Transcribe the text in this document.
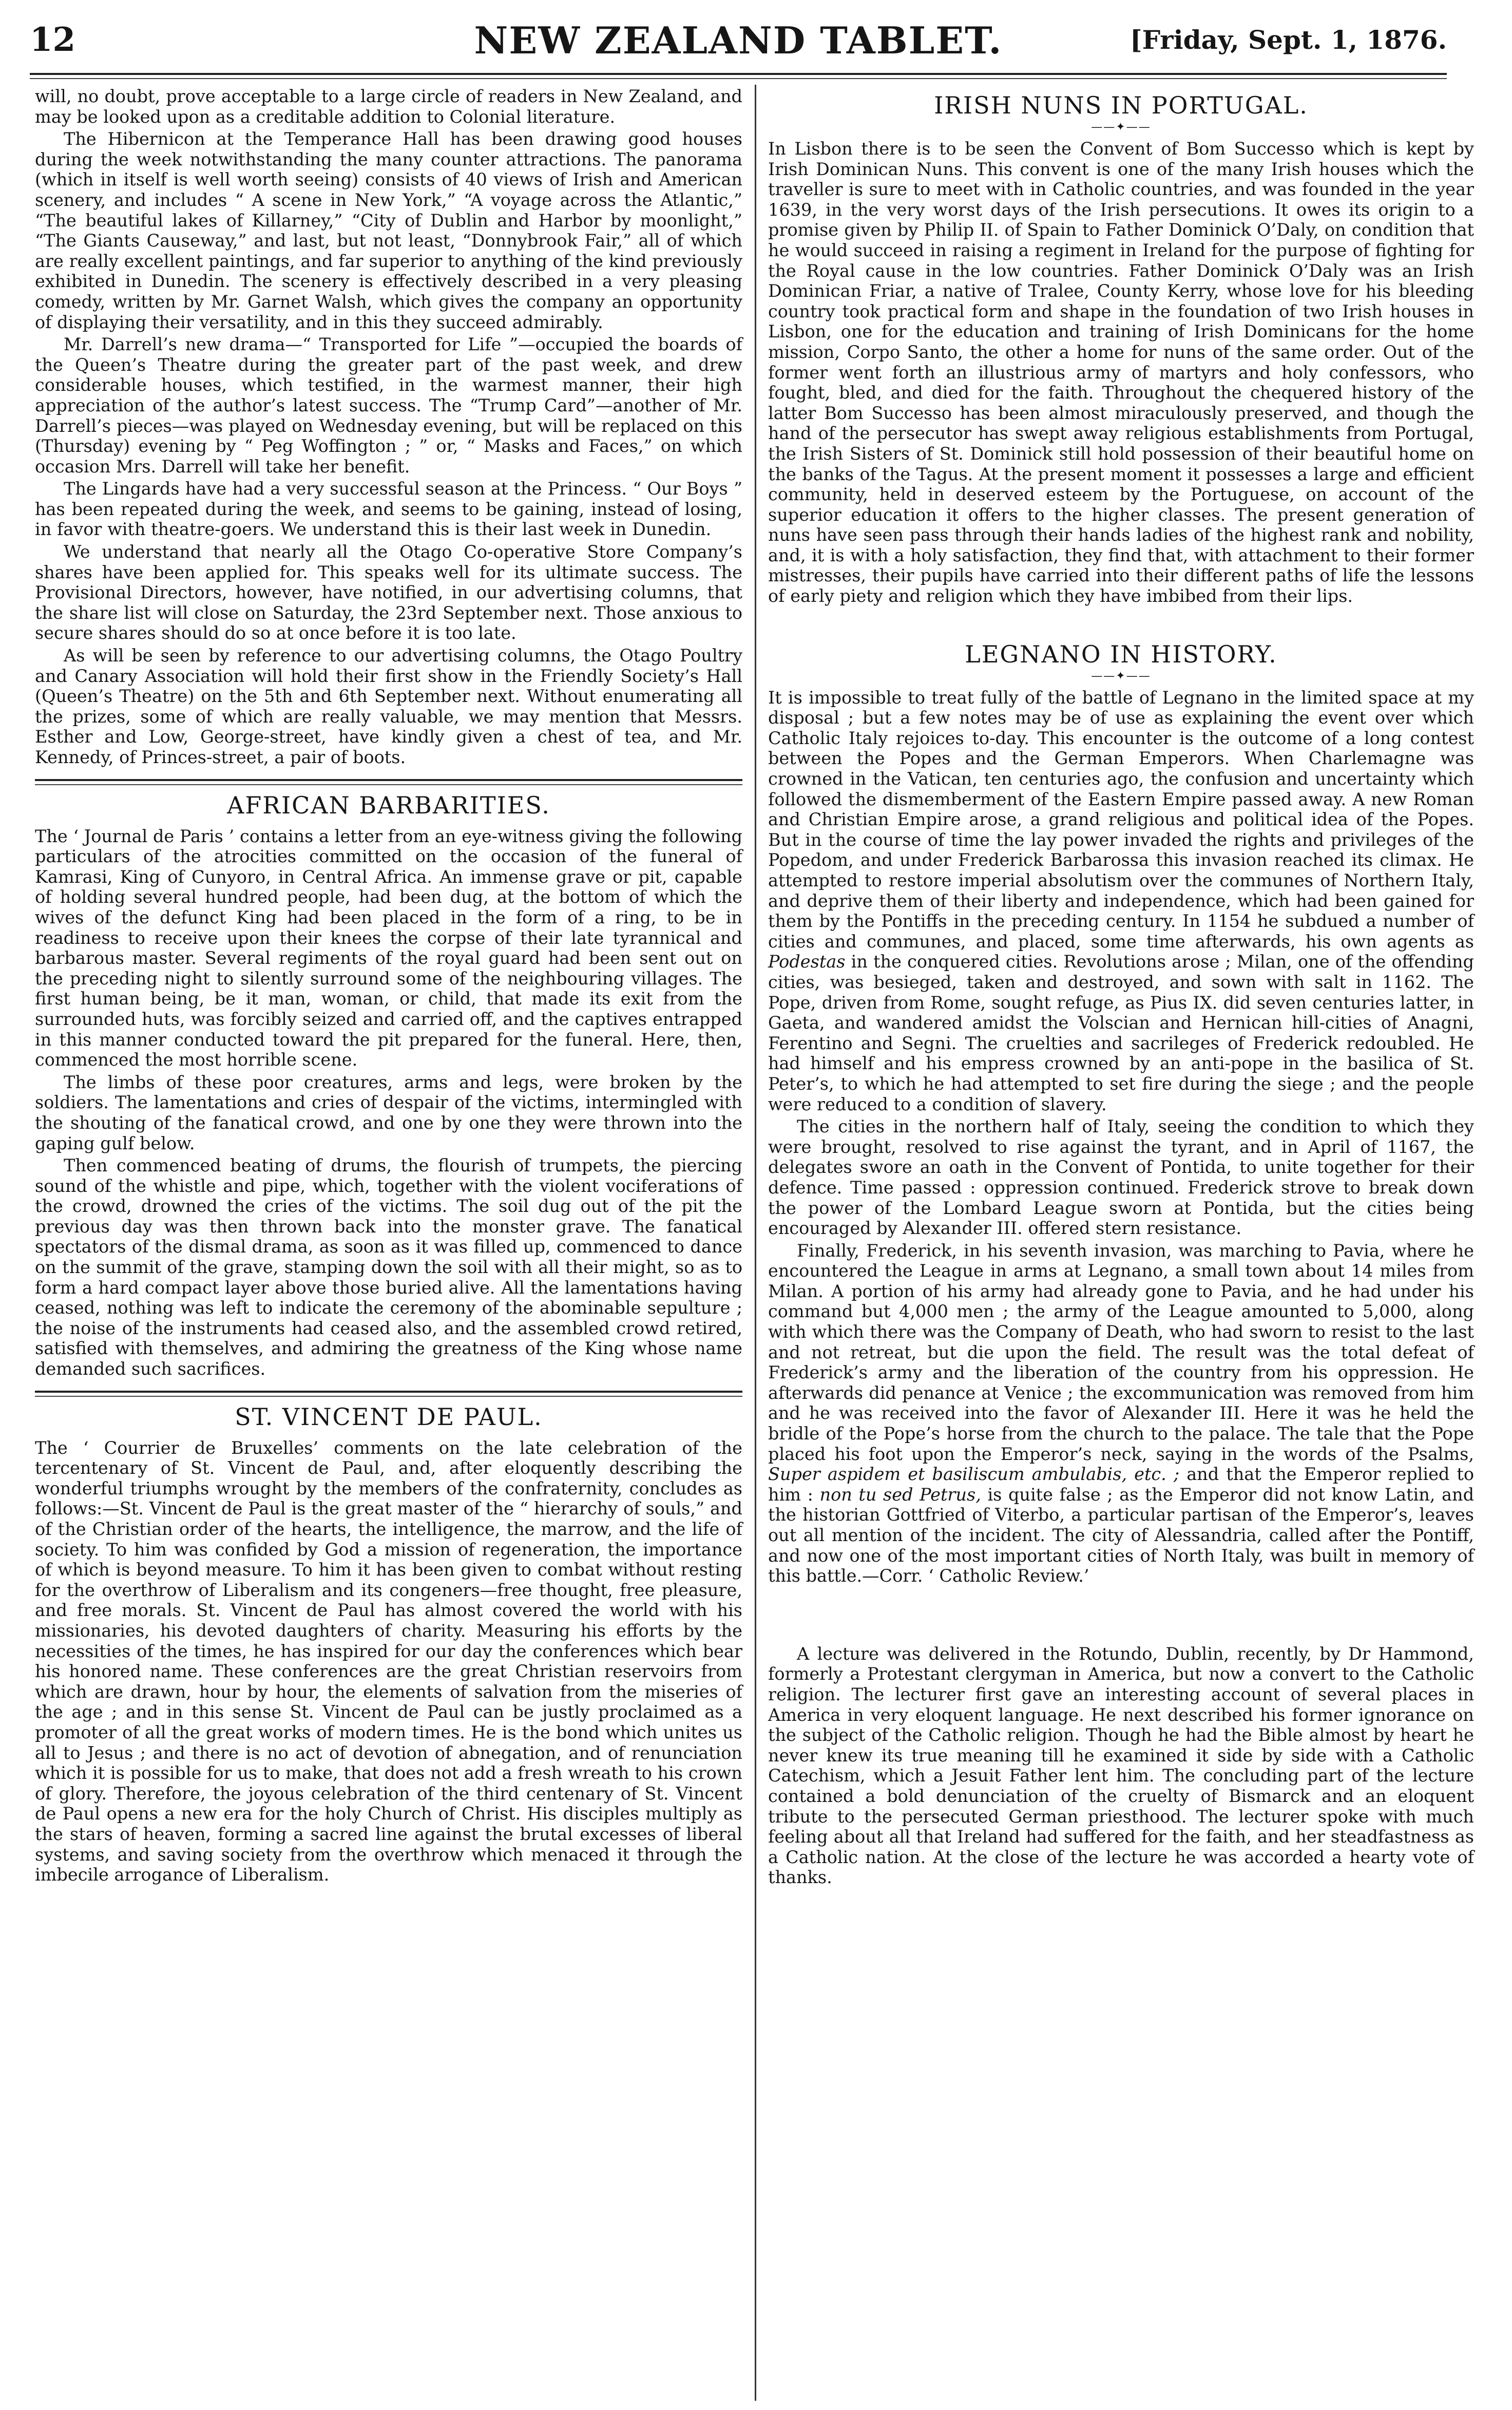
12	NEW ZEALAND TABLET.	[Friday, Sept. 1, 1876.

will, no doubt, prove acceptable to a large circle of readers in New Zealand, and may be looked upon as a creditable addition to Colonial literature.

The Hibernicon at the Temperance Hall has been drawing good houses during the week notwithstanding the many counter attractions. The panorama (which in itself is well worth seeing) consists of 40 views of Irish and American scenery, and includes “ A scene in New York,” “A voyage across the Atlantic,” “The beautiful lakes of Killarney,” “City of Dublin and Harbor by moonlight,” “The Giants Causeway,” and last, but not least, “Donnybrook Fair,” all of which are really excellent paintings, and far superior to anything of the kind previously exhibited in Dunedin. The scenery is effectively described in a very pleasing comedy, written by Mr. Garnet Walsh, which gives the company an opportunity of displaying their versatility, and in this they succeed admirably.

Mr. Darrell’s new drama—“ Transported for Life ”—occupied the boards of the Queen’s Theatre during the greater part of the past week, and drew considerable houses, which testified, in the warmest manner, their high appreciation of the author’s latest success. The “Trump Card”—another of Mr. Darrell’s pieces—was played on Wednesday evening, but will be replaced on this (Thursday) evening by “ Peg Woffington ; ” or, “ Masks and Faces,” on which occasion Mrs. Darrell will take her benefit.

The Lingards have had a very successful season at the Princess. “ Our Boys ” has been repeated during the week, and seems to be gaining, instead of losing, in favor with theatre-goers. We understand this is their last week in Dunedin.

We understand that nearly all the Otago Co-operative Store Company’s shares have been applied for. This speaks well for its ultimate success. The Provisional Directors, however, have notified, in our advertising columns, that the share list will close on Saturday, the 23rd September next. Those anxious to secure shares should do so at once before it is too late.

As will be seen by reference to our advertising columns, the Otago Poultry and Canary Association will hold their first show in the Friendly Society’s Hall (Queen’s Theatre) on the 5th and 6th September next. Without enumerating all the prizes, some of which are really valuable, we may mention that Messrs. Esther and Low, George-street, have kindly given a chest of tea, and Mr. Kennedy, of Princes-street, a pair of boots.

AFRICAN BARBARITIES.

The ‘ Journal de Paris ’ contains a letter from an eye-witness giving the following particulars of the atrocities committed on the occasion of the funeral of Kamrasi, King of Cunyoro, in Central Africa. An immense grave or pit, capable of holding several hundred people, had been dug, at the bottom of which the wives of the defunct King had been placed in the form of a ring, to be in readiness to receive upon their knees the corpse of their late tyrannical and barbarous master. Several regiments of the royal guard had been sent out on the preceding night to silently surround some of the neighbouring villages. The first human being, be it man, woman, or child, that made its exit from the surrounded huts, was forcibly seized and carried off, and the captives entrapped in this manner conducted toward the pit prepared for the funeral. Here, then, commenced the most horrible scene.

The limbs of these poor creatures, arms and legs, were broken by the soldiers. The lamentations and cries of despair of the victims, intermingled with the shouting of the fanatical crowd, and one by one they were thrown into the gaping gulf below.

Then commenced beating of drums, the flourish of trumpets, the piercing sound of the whistle and pipe, which, together with the violent vociferations of the crowd, drowned the cries of the victims. The soil dug out of the pit the previous day was then thrown back into the monster grave. The fanatical spectators of the dismal drama, as soon as it was filled up, commenced to dance on the summit of the grave, stamping down the soil with all their might, so as to form a hard compact layer above those buried alive. All the lamentations having ceased, nothing was left to indicate the ceremony of the abominable sepulture ; the noise of the instruments had ceased also, and the assembled crowd retired, satisfied with themselves, and admiring the greatness of the King whose name demanded such sacrifices.

ST. VINCENT DE PAUL.

The ‘ Courrier de Bruxelles’ comments on the late celebration of the tercentenary of St. Vincent de Paul, and, after eloquently describing the wonderful triumphs wrought by the members of the confraternity, concludes as follows:—St. Vincent de Paul is the great master of the “ hierarchy of souls,” and of the Christian order of the hearts, the intelligence, the marrow, and the life of society. To him was confided by God a mission of regeneration, the importance of which is beyond measure. To him it has been given to combat without resting for the overthrow of Liberalism and its congeners—free thought, free pleasure, and free morals. St. Vincent de Paul has almost covered the world with his missionaries, his devoted daughters of charity. Measuring his efforts by the necessities of the times, he has inspired for our day the conferences which bear his honored name. These conferences are the great Christian reservoirs from which are drawn, hour by hour, the elements of salvation from the miseries of the age ; and in this sense St. Vincent de Paul can be justly proclaimed as a promoter of all the great works of modern times. He is the bond which unites us all to Jesus ; and there is no act of devotion of abnegation, and of renunciation which it is possible for us to make, that does not add a fresh wreath to his crown of glory. Therefore, the joyous celebration of the third centenary of St. Vincent de Paul opens a new era for the holy Church of Christ. His disciples multiply as the stars of heaven, forming a sacred line against the brutal excesses of liberal systems, and saving society from the overthrow which menaced it through the imbecile arrogance of Liberalism.

IRISH NUNS IN PORTUGAL.
——✦——

In Lisbon there is to be seen the Convent of Bom Successo which is kept by Irish Dominican Nuns. This convent is one of the many Irish houses which the traveller is sure to meet with in Catholic countries, and was founded in the year 1639, in the very worst days of the Irish persecutions. It owes its origin to a promise given by Philip II. of Spain to Father Dominick O’Daly, on condition that he would succeed in raising a regiment in Ireland for the purpose of fighting for the Royal cause in the low countries. Father Dominick O’Daly was an Irish Dominican Friar, a native of Tralee, County Kerry, whose love for his bleeding country took practical form and shape in the foundation of two Irish houses in Lisbon, one for the education and training of Irish Dominicans for the home mission, Corpo Santo, the other a home for nuns of the same order. Out of the former went forth an illustrious army of martyrs and holy confessors, who fought, bled, and died for the faith. Throughout the chequered history of the latter Bom Successo has been almost miraculously preserved, and though the hand of the persecutor has swept away religious establishments from Portugal, the Irish Sisters of St. Dominick still hold possession of their beautiful home on the banks of the Tagus. At the present moment it possesses a large and efficient community, held in deserved esteem by the Portuguese, on account of the superior education it offers to the higher classes. The present generation of nuns have seen pass through their hands ladies of the highest rank and nobility, and, it is with a holy satisfaction, they find that, with attachment to their former mistresses, their pupils have carried into their different paths of life the lessons of early piety and religion which they have imbibed from their lips.

LEGNANO IN HISTORY.
——✦——

It is impossible to treat fully of the battle of Legnano in the limited space at my disposal ; but a few notes may be of use as explaining the event over which Catholic Italy rejoices to-day. This encounter is the outcome of a long contest between the Popes and the German Emperors. When Charlemagne was crowned in the Vatican, ten centuries ago, the confusion and uncertainty which followed the dismemberment of the Eastern Empire passed away. A new Roman and Christian Empire arose, a grand religious and political idea of the Popes. But in the course of time the lay power invaded the rights and privileges of the Popedom, and under Frederick Barbarossa this invasion reached its climax. He attempted to restore imperial absolutism over the communes of Northern Italy, and deprive them of their liberty and independence, which had been gained for them by the Pontiffs in the preceding century. In 1154 he subdued a number of cities and communes, and placed, some time afterwards, his own agents as Podestas in the conquered cities. Revolutions arose ; Milan, one of the offending cities, was besieged, taken and destroyed, and sown with salt in 1162. The Pope, driven from Rome, sought refuge, as Pius IX. did seven centuries latter, in Gaeta, and wandered amidst the Volscian and Hernican hill-cities of Anagni, Ferentino and Segni. The cruelties and sacrileges of Frederick redoubled. He had himself and his empress crowned by an anti-pope in the basilica of St. Peter’s, to which he had attempted to set fire during the siege ; and the people were reduced to a condition of slavery.

The cities in the northern half of Italy, seeing the condition to which they were brought, resolved to rise against the tyrant, and in April of 1167, the delegates swore an oath in the Convent of Pontida, to unite together for their defence. Time passed : oppression continued. Frederick strove to break down the power of the Lombard League sworn at Pontida, but the cities being encouraged by Alexander III. offered stern resistance.

Finally, Frederick, in his seventh invasion, was marching to Pavia, where he encountered the League in arms at Legnano, a small town about 14 miles from Milan. A portion of his army had already gone to Pavia, and he had under his command but 4,000 men ; the army of the League amounted to 5,000, along with which there was the Company of Death, who had sworn to resist to the last and not retreat, but die upon the field. The result was the total defeat of Frederick’s army and the liberation of the country from his oppression. He afterwards did penance at Venice ; the excommunication was removed from him and he was received into the favor of Alexander III. Here it was he held the bridle of the Pope’s horse from the church to the palace. The tale that the Pope placed his foot upon the Emperor’s neck, saying in the words of the Psalms, Super aspidem et basiliscum ambulabis, etc. ; and that the Emperor replied to him : non tu sed Petrus, is quite false ; as the Emperor did not know Latin, and the historian Gottfried of Viterbo, a particular partisan of the Emperor’s, leaves out all mention of the incident. The city of Alessandria, called after the Pontiff, and now one of the most important cities of North Italy, was built in memory of this battle.—Corr. ‘ Catholic Review.’

A lecture was delivered in the Rotundo, Dublin, recently, by Dr Hammond, formerly a Protestant clergyman in America, but now a convert to the Catholic religion. The lecturer first gave an interesting account of several places in America in very eloquent language. He next described his former ignorance on the subject of the Catholic religion. Though he had the Bible almost by heart he never knew its true meaning till he examined it side by side with a Catholic Catechism, which a Jesuit Father lent him. The concluding part of the lecture contained a bold denunciation of the cruelty of Bismarck and an eloquent tribute to the persecuted German priesthood. The lecturer spoke with much feeling about all that Ireland had suffered for the faith, and her steadfastness as a Catholic nation. At the close of the lecture he was accorded a hearty vote of thanks.
